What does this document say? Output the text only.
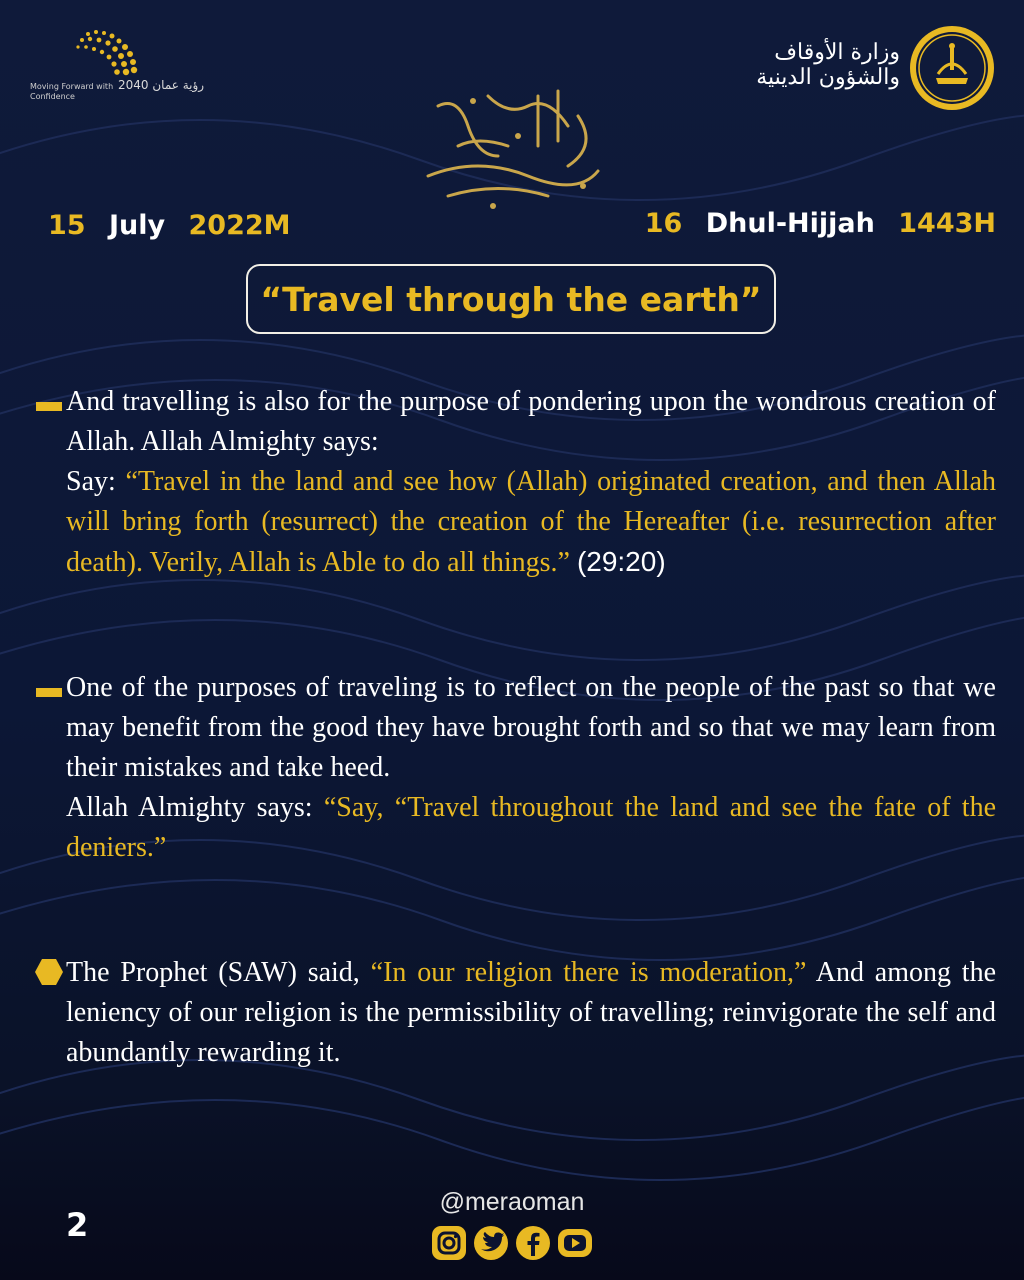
رؤية عمان 2040
Moving Forward with Confidence
وزارة الأوقاف والشؤون الدينية
15 July 2022M	16 Dhul-Hijjah 1443H
“Travel through the earth”
And travelling is also for the purpose of pondering upon the wondrous creation of Allah. Allah Almighty says:
Say: “Travel in the land and see how (Allah) originated creation, and then Allah will bring forth (resurrect) the creation of the Hereafter (i.e. resurrection after death). Verily, Allah is Able to do all things.” (29:20)
One of the purposes of traveling is to reflect on the people of the past so that we may benefit from the good they have brought forth and so that we may learn from their mistakes and take heed.
Allah Almighty says: “Say, “Travel throughout the land and see the fate of the deniers.”
The Prophet (SAW) said, “In our religion there is moderation,” And among the leniency of our religion is the permissibility of travelling; reinvigorate the self and abundantly rewarding it.
2
@meraoman
